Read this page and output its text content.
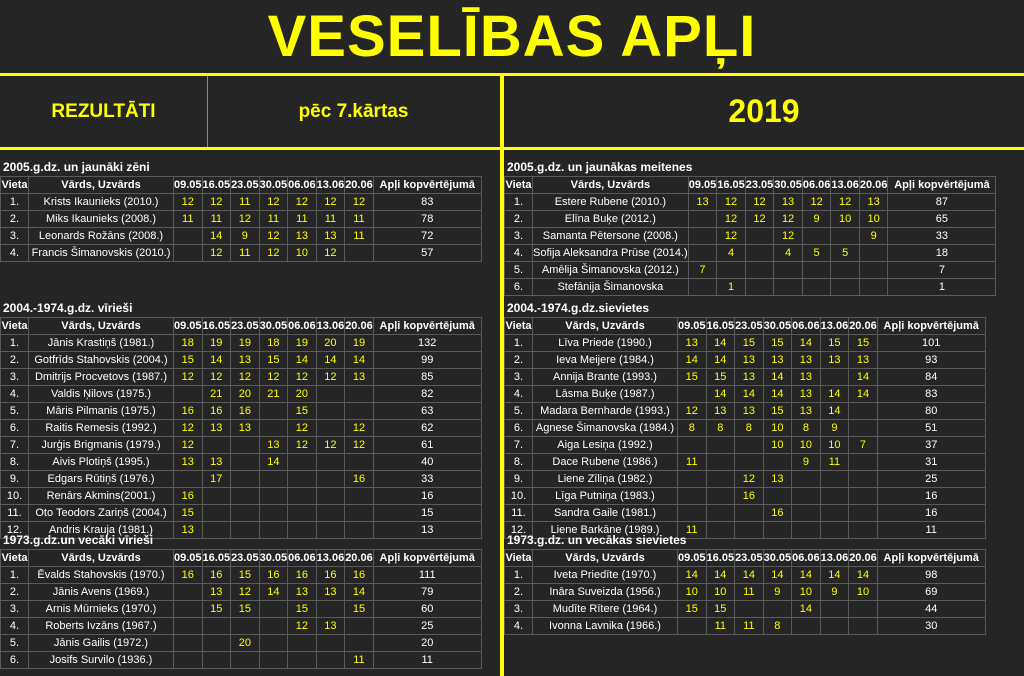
VESELĪBAS APĻI
REZULTĀTI	pēc 7.kārtas	2019
2005.g.dz. un jaunāki zēni
Vieta	Vārds, Uzvārds	09.05	16.05	23.05	30.05	06.06	13.06	20.06	Apļi kopvērtējumā
1.	Krists Ikaunieks (2010.)	12	12	11	12	12	12	12	83
2.	Miks Ikaunieks (2008.)	11	11	12	11	11	11	11	78
3.	Leonards Rožāns (2008.)		14	9	12	13	13	11	72
4.	Francis Šimanovskis (2010.)		12	11	12	10	12		57
2005.g.dz. un jaunākas meitenes
Vieta	Vārds, Uzvārds	09.05	16.05	23.05	30.05	06.06	13.06	20.06	Apļi kopvērtējumā
1.	Estere Rubene (2010.)	13	12	12	13	12	12	13	87
2.	Elīna Buķe (2012.)		12	12	12	9	10	10	65
3.	Samanta Pētersone (2008.)		12		12			9	33
4.	Sofija Aleksandra Prūse (2014.)		4		4	5	5		18
5.	Amēlija Šimanovska (2012.)	7							7
6.	Stefānija Šimanovska		1						1
2004.-1974.g.dz. vīrieši
Vieta	Vārds, Uzvārds	09.05	16.05	23.05	30.05	06.06	13.06	20.06	Apļi kopvērtējumā
1.	Jānis Krastiņš (1981.)	18	19	19	18	19	20	19	132
2.	Gotfrīds Stahovskis (2004.)	15	14	13	15	14	14	14	99
3.	Dmitrijs Procvetovs (1987.)	12	12	12	12	12	12	13	85
4.	Valdis Ņilovs (1975.)		21	20	21	20			82
5.	Māris Pilmanis (1975.)	16	16	16		15			63
6.	Raitis Remesis (1992.)	12	13	13		12		12	62
7.	Jurģis Brigmanis (1979.)	12			13	12	12	12	61
8.	Aivis Plotiņš (1995.)	13	13		14				40
9.	Edgars Rūtiņš (1976.)		17					16	33
10.	Renārs Akmins(2001.)	16							16
11.	Oto Teodors Zariņš (2004.)	15							15
12.	Andris Krauja (1981.)	13							13
2004.-1974.g.dz.sievietes
Vieta	Vārds, Uzvārds	09.05	16.05	23.05	30.05	06.06	13.06	20.06	Apļi kopvērtējumā
1.	Līva Priede (1990.)	13	14	15	15	14	15	15	101
2.	Ieva Meijere (1984.)	14	14	13	13	13	13	13	93
3.	Annija Brante (1993.)	15	15	13	14	13		14	84
4.	Lāsma Buķe (1987.)		14	14	14	13	14	14	83
5.	Madara Bernharde (1993.)	12	13	13	15	13	14		80
6.	Agnese Šimanovska (1984.)	8	8	8	10	8	9		51
7.	Aiga Lesiņa (1992.)				10	10	10	7	37
8.	Dace Rubene (1986.)	11				9	11		31
9.	Liene Zīliņa (1982.)			12	13				25
10.	Līga Putniņa (1983.)			16					16
11.	Sandra Gaile (1981.)				16				16
12.	Liene Barkāne (1989.)	11							11
1973.g.dz.un vecāki vīrieši
Vieta	Vārds, Uzvārds	09.05	16.05	23.05	30.05	06.06	13.06	20.06	Apļi kopvērtējumā
1.	Ēvalds Stahovskis (1970.)	16	16	15	16	16	16	16	111
2.	Jānis Avens (1969.)		13	12	14	13	13	14	79
3.	Arnis Mūrnieks (1970.)		15	15		15		15	60
4.	Roberts Ivzāns (1967.)					12	13		25
5.	Jānis Gailis (1972.)			20					20
6.	Josifs Survilo (1936.)							11	11
1973.g.dz. un vecākas sievietes
Vieta	Vārds, Uzvārds	09.05	16.05	23.05	30.05	06.06	13.06	20.06	Apļi kopvērtējumā
1.	Iveta Priedīte (1970.)	14	14	14	14	14	14	14	98
2.	Ināra Suveizda (1956.)	10	10	11	9	10	9	10	69
3.	Mudīte Rītere (1964.)	15	15			14			44
4.	Ivonna Lavnika (1966.)		11	11	8				30
